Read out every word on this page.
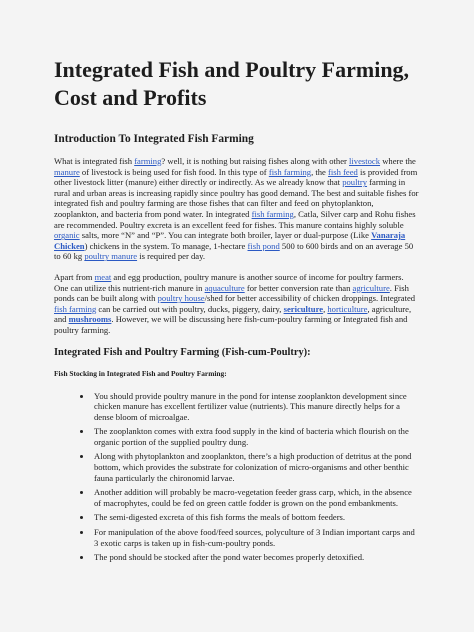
Integrated Fish and Poultry Farming, Cost and Profits
Introduction To Integrated Fish Farming

What is integrated fish farming? well, it is nothing but raising fishes along with other livestock where the manure of livestock is being used for fish food. In this type of fish farming, the fish feed is provided from other livestock litter (manure) either directly or indirectly. As we already know that poultry farming in rural and urban areas is increasing rapidly since poultry has good demand. The best and suitable fishes for integrated fish and poultry farming are those fishes that can filter and feed on phytoplankton, zooplankton, and bacteria from pond water. In integrated fish farming, Catla, Silver carp and Rohu fishes are recommended. Poultry excreta is an excellent feed for fishes. This manure contains highly soluble organic salts, more “N” and “P”. You can integrate both broiler, layer or dual-purpose (Like Vanaraja Chicken) chickens in the system. To manage, 1-hectare fish pond 500 to 600 birds and on an average 50 to 60 kg poultry manure is required per day.

Apart from meat and egg production, poultry manure is another source of income for poultry farmers. One can utilize this nutrient-rich manure in aquaculture for better conversion rate than agriculture. Fish ponds can be built along with poultry house/shed for better accessibility of chicken droppings. Integrated fish farming can be carried out with poultry, ducks, piggery, dairy, sericulture, horticulture, agriculture, and mushrooms. However, we will be discussing here fish-cum-poultry farming or Integrated fish and poultry farming.

Integrated Fish and Poultry Farming (Fish-cum-Poultry):
Fish Stocking in Integrated Fish and Poultry Farming:
• You should provide poultry manure in the pond for intense zooplankton development since chicken manure has excellent fertilizer value (nutrients). This manure directly helps for a dense bloom of microalgae.
• The zooplankton comes with extra food supply in the kind of bacteria which flourish on the organic portion of the supplied poultry dung.
• Along with phytoplankton and zooplankton, there’s a high production of detritus at the pond bottom, which provides the substrate for colonization of micro-organisms and other benthic fauna particularly the chironomid larvae.
• Another addition will probably be macro-vegetation feeder grass carp, which, in the absence of macrophytes, could be fed on green cattle fodder is grown on the pond embankments.
• The semi-digested excreta of this fish forms the meals of bottom feeders.
• For manipulation of the above food/feed sources, polyculture of 3 Indian important carps and 3 exotic carps is taken up in fish-cum-poultry ponds.
• The pond should be stocked after the pond water becomes properly detoxified.
